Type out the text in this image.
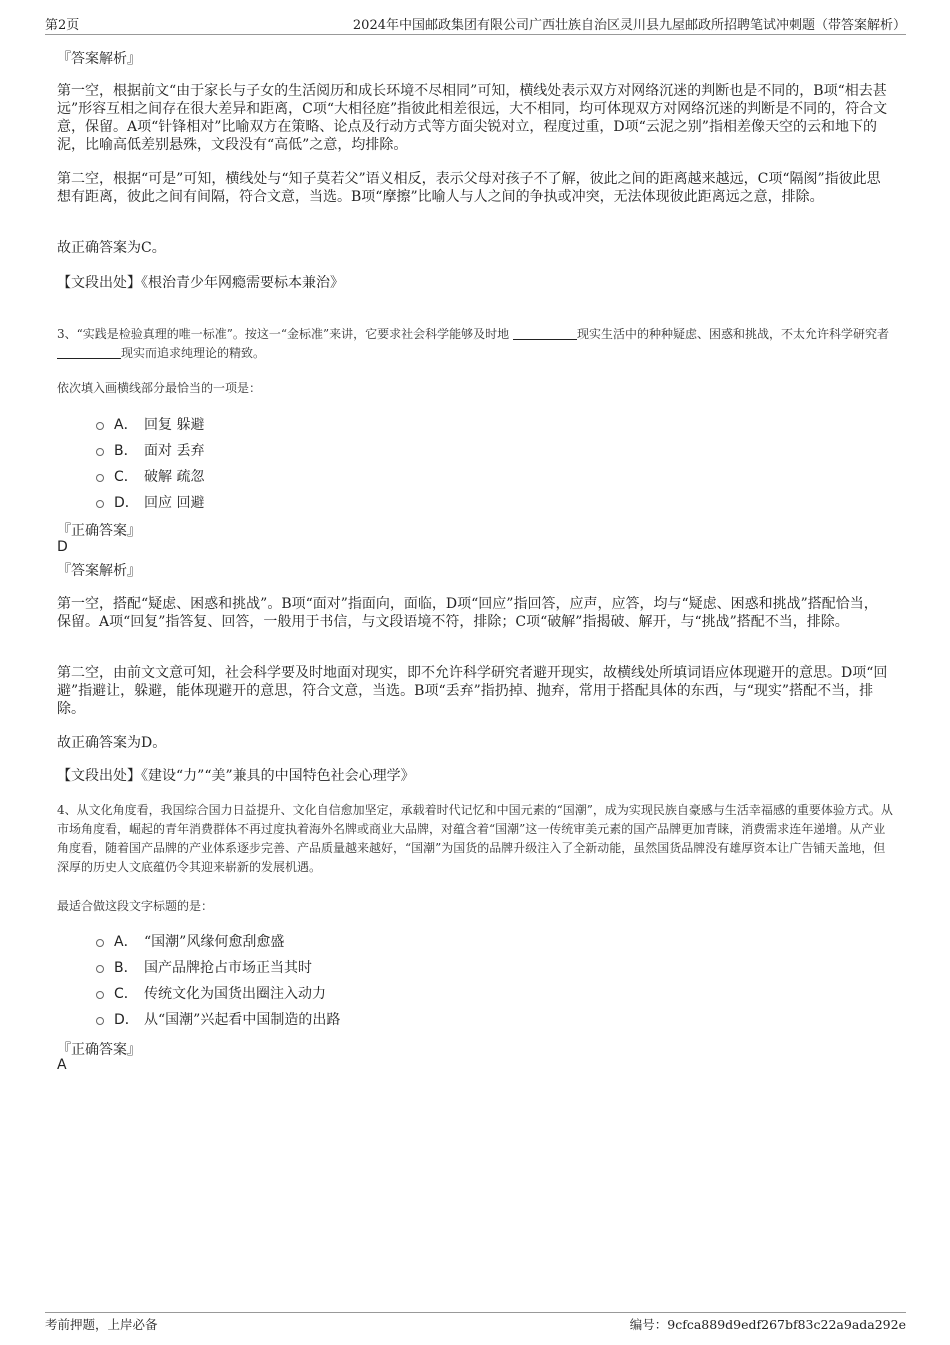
第2页	2024年中国邮政集团有限公司广西壮族自治区灵川县九屋邮政所招聘笔试冲刺题（带答案解析）
『答案解析』
第一空，根据前文“由于家长与子女的生活阅历和成长环境不尽相同”可知，横线处表示双方对网络沉迷的判断也是不同的，B项“相去甚远”形容互相之间存在很大差异和距离，C项“大相径庭”指彼此相差很远，大不相同，均可体现双方对网络沉迷的判断是不同的，符合文意，保留。A项“针锋相对”比喻双方在策略、论点及行动方式等方面尖锐对立，程度过重，D项“云泥之别”指相差像天空的云和地下的泥，比喻高低差别悬殊，文段没有“高低”之意，均排除。
第二空，根据“可是”可知，横线处与“知子莫若父”语义相反，表示父母对孩子不了解，彼此之间的距离越来越远，C项“隔阂”指彼此思想有距离，彼此之间有间隔，符合文意，当选。B项“摩擦”比喻人与人之间的争执或冲突，无法体现彼此距离远之意，排除。
故正确答案为C。
【文段出处】《根治青少年网瘾需要标本兼治》
3、“实践是检验真理的唯一标准”。按这一“金标准”来讲，它要求社会科学能够及时地	现实生活中的种种疑虑、困惑和挑战，不太允许科学研究者 现实而追求纯理论的精致。
依次填入画横线部分最恰当的一项是：
A． 回复 躲避
B． 面对 丢弃
C． 破解 疏忽
D． 回应 回避
『正确答案』
D
『答案解析』
第一空，搭配“疑虑、困惑和挑战”。B项“面对”指面向，面临，D项“回应”指回答，应声，应答，均与“疑虑、困惑和挑战”搭配恰当，保留。A项“回复”指答复、回答，一般用于书信，与文段语境不符，排除；C项“破解”指揭破、解开，与“挑战”搭配不当，排除。
第二空，由前文文意可知，社会科学要及时地面对现实，即不允许科学研究者避开现实，故横线处所填词语应体现避开的意思。D项“回避”指避让，躲避，能体现避开的意思，符合文意，当选。B项“丢弃”指扔掉、抛弃，常用于搭配具体的东西，与“现实”搭配不当，排除。
故正确答案为D。
【文段出处】《建设“力”“美”兼具的中国特色社会心理学》
4、从文化角度看，我国综合国力日益提升、文化自信愈加坚定，承载着时代记忆和中国元素的“国潮”，成为实现民族自豪感与生活幸福感的重要体验方式。从市场角度看，崛起的青年消费群体不再过度执着海外名牌或商业大品牌，对蕴含着“国潮”这一传统审美元素的国产品牌更加青睐，消费需求连年递增。从产业角度看，随着国产品牌的产业体系逐步完善、产品质量越来越好，“国潮”为国货的品牌升级注入了全新动能，虽然国货品牌没有雄厚资本让广告铺天盖地，但深厚的历史人文底蕴仍令其迎来崭新的发展机遇。
最适合做这段文字标题的是：
A． “国潮”风缘何愈刮愈盛
B． 国产品牌抢占市场正当其时
C． 传统文化为国货出圈注入动力
D． 从“国潮”兴起看中国制造的出路
『正确答案』
A
考前押题，上岸必备	编号：9cfca889d9edf267bf83c22a9ada292e
